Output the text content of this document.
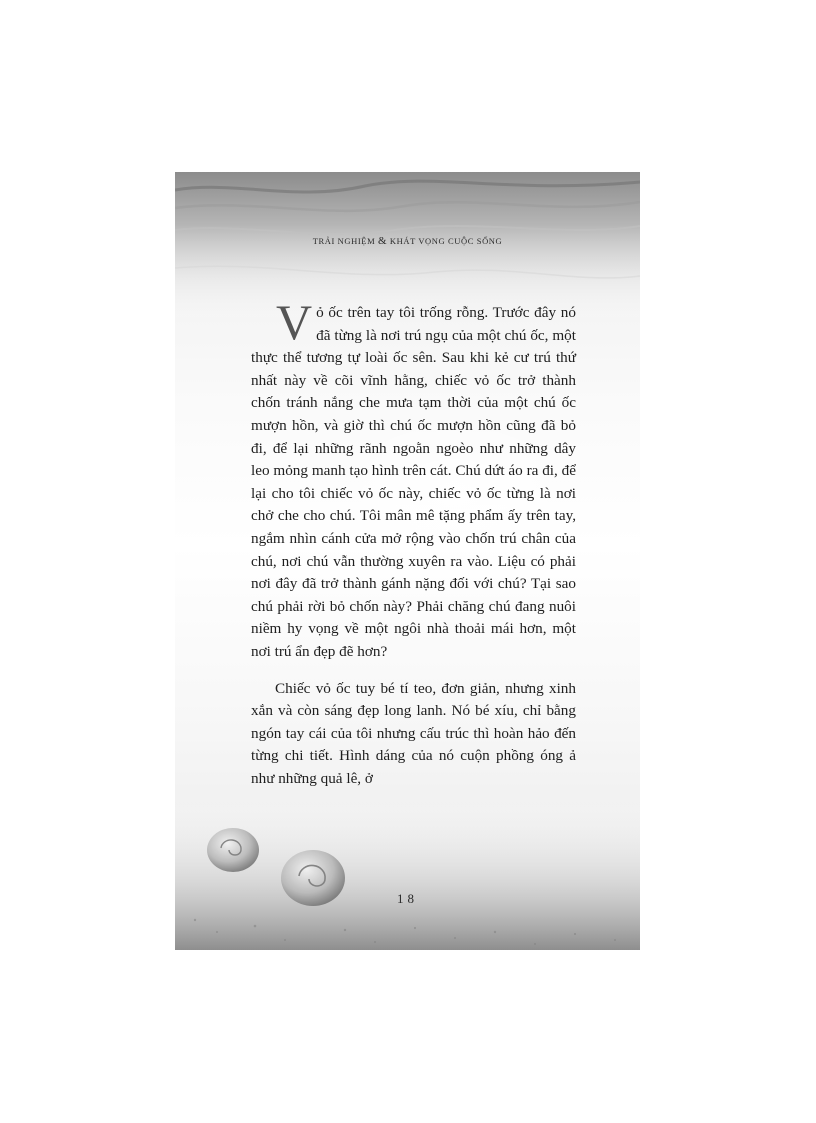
TRẢI NGHIỆM & KHÁT VỌNG CUỘC SỐNG

Vỏ ốc trên tay tôi trống rỗng. Trước đây nó đã từng là nơi trú ngụ của một chú ốc, một thực thể tương tự loài ốc sên. Sau khi kẻ cư trú thứ nhất này về cõi vĩnh hằng, chiếc vỏ ốc trở thành chốn tránh nắng che mưa tạm thời của một chú ốc mượn hồn, và giờ thì chú ốc mượn hồn cũng đã bỏ đi, để lại những rãnh ngoằn ngoèo như những dây leo mỏng manh tạo hình trên cát. Chú dứt áo ra đi, để lại cho tôi chiếc vỏ ốc này, chiếc vỏ ốc từng là nơi chở che cho chú. Tôi mân mê tặng phẩm ấy trên tay, ngắm nhìn cánh cửa mở rộng vào chốn trú chân của chú, nơi chú vẫn thường xuyên ra vào. Liệu có phải nơi đây đã trở thành gánh nặng đối với chú? Tại sao chú phải rời bỏ chốn này? Phải chăng chú đang nuôi niềm hy vọng về một ngôi nhà thoải mái hơn, một nơi trú ẩn đẹp đẽ hơn?

Chiếc vỏ ốc tuy bé tí teo, đơn giản, nhưng xinh xắn và còn sáng đẹp long lanh. Nó bé xíu, chỉ bằng ngón tay cái của tôi nhưng cấu trúc thì hoàn hảo đến từng chi tiết. Hình dáng của nó cuộn phồng óng ả như những quả lê, ở

18
